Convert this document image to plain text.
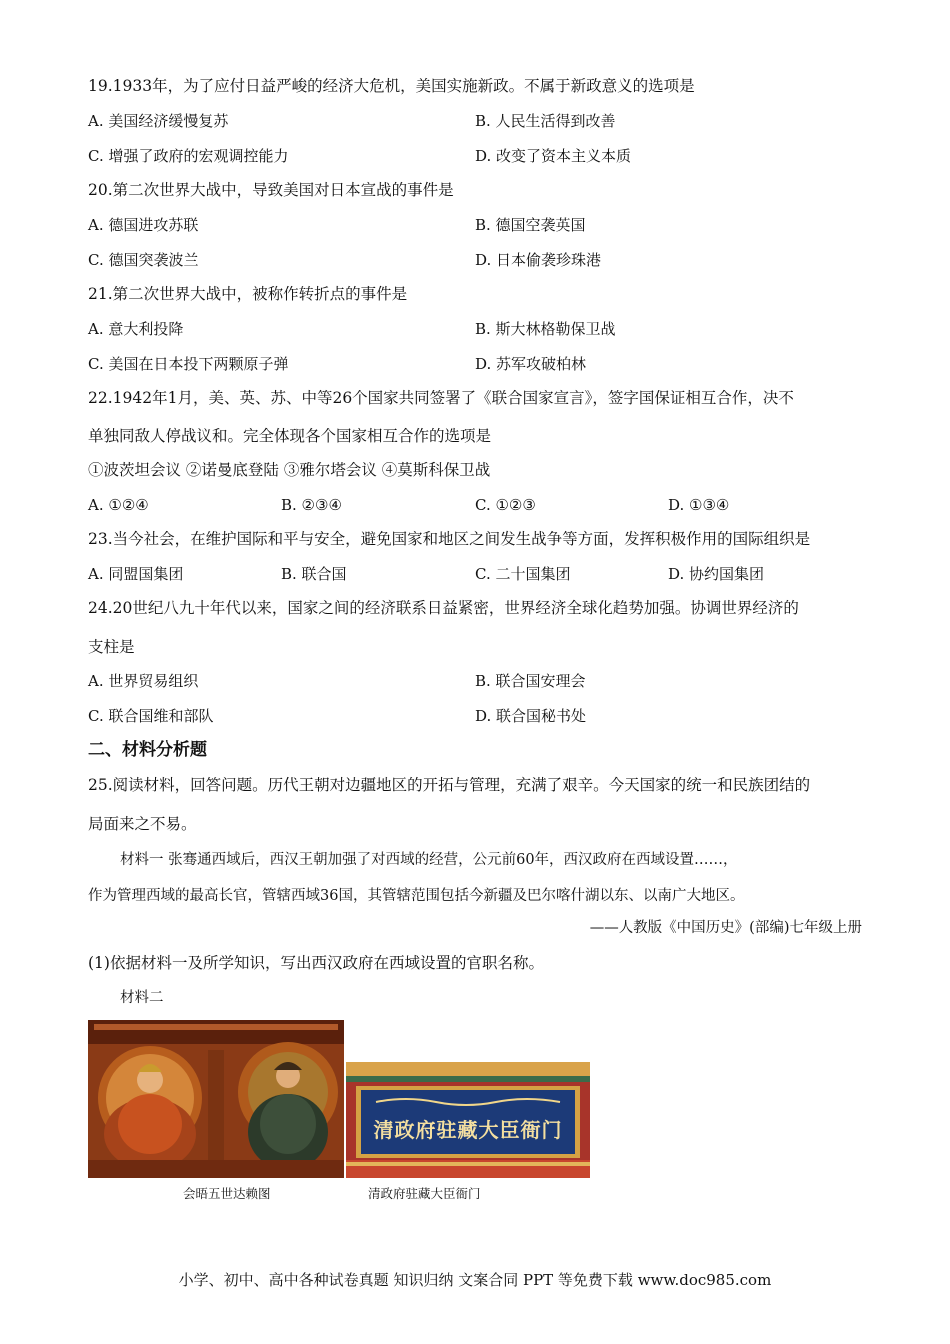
19.1933年，为了应付日益严峻的经济大危机，美国实施新政。不属于新政意义的选项是
A. 美国经济缓慢复苏	B. 人民生活得到改善
C. 增强了政府的宏观调控能力	D. 改变了资本主义本质
20.第二次世界大战中，导致美国对日本宣战的事件是
A. 德国进攻苏联	B. 德国空袭英国
C. 德国突袭波兰	D. 日本偷袭珍珠港
21.第二次世界大战中，被称作转折点的事件是
A. 意大利投降	B. 斯大林格勒保卫战
C. 美国在日本投下两颗原子弹	D. 苏军攻破柏林
22.1942年1月，美、英、苏、中等26个国家共同签署了《联合国家宣言》，签字国保证相互合作，决不
单独同敌人停战议和。完全体现各个国家相互合作的选项是
①波茨坦会议 ②诺曼底登陆 ③雅尔塔会议 ④莫斯科保卫战
A. ①②④	B. ②③④	C. ①②③	D. ①③④
23.当今社会，在维护国际和平与安全，避免国家和地区之间发生战争等方面，发挥积极作用的国际组织是
A. 同盟国集团	B. 联合国	C. 二十国集团	D. 协约国集团
24.20世纪八九十年代以来，国家之间的经济联系日益紧密，世界经济全球化趋势加强。协调世界经济的
支柱是
A. 世界贸易组织	B. 联合国安理会
C. 联合国维和部队	D. 联合国秘书处
二、材料分析题
25.阅读材料，回答问题。历代王朝对边疆地区的开拓与管理，充满了艰辛。今天国家的统一和民族团结的
局面来之不易。
材料一 张骞通西域后，西汉王朝加强了对西域的经营，公元前60年，西汉政府在西域设置……，
作为管理西域的最高长官，管辖西域36国，其管辖范围包括今新疆及巴尔喀什湖以东、以南广大地区。
——人教版《中国历史》(部编)七年级上册
(1)依据材料一及所学知识，写出西汉政府在西域设置的官职名称。
材料二
清政府驻藏大臣衙门
会晤五世达赖图	清政府驻藏大臣衙门
小学、初中、高中各种试卷真题 知识归纳 文案合同 PPT 等免费下载 www.doc985.com
